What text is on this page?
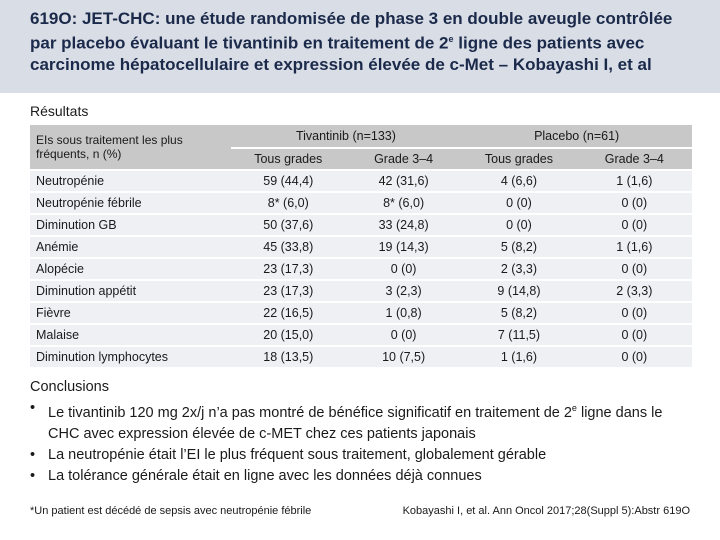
619O: JET-CHC: une étude randomisée de phase 3 en double aveugle contrôlée par placebo évaluant le tivantinib en traitement de 2e ligne des patients avec carcinome hépatocellulaire et expression élevée de c-Met – Kobayashi I, et al
Résultats
EIs sous traitement les plus fréquents, n (%)	Tivantinib (n=133)		Placebo (n=61)	
	Tous grades	Grade 3–4	Tous grades	Grade 3–4
Neutropénie	59 (44,4)	42 (31,6)	4 (6,6)	1 (1,6)
Neutropénie fébrile	8* (6,0)	8* (6,0)	0 (0)	0 (0)
Diminution GB	50 (37,6)	33 (24,8)	0 (0)	0 (0)
Anémie	45 (33,8)	19 (14,3)	5 (8,2)	1 (1,6)
Alopécie	23 (17,3)	0 (0)	2 (3,3)	0 (0)
Diminution appétit	23 (17,3)	3 (2,3)	9 (14,8)	2 (3,3)
Fièvre	22 (16,5)	1 (0,8)	5 (8,2)	0 (0)
Malaise	20 (15,0)	0 (0)	7 (11,5)	0 (0)
Diminution lymphocytes	18 (13,5)	10 (7,5)	1 (1,6)	0 (0)
Conclusions
• Le tivantinib 120 mg 2x/j n’a pas montré de bénéfice significatif en traitement de 2e ligne dans le CHC avec expression élevée de c-MET chez ces patients japonais
• La neutropénie était l’EI le plus fréquent sous traitement, globalement gérable
• La tolérance générale était en ligne avec les données déjà connues
*Un patient est décédé de sepsis avec neutropénie fébrile	Kobayashi I, et al. Ann Oncol 2017;28(Suppl 5):Abstr 619O
